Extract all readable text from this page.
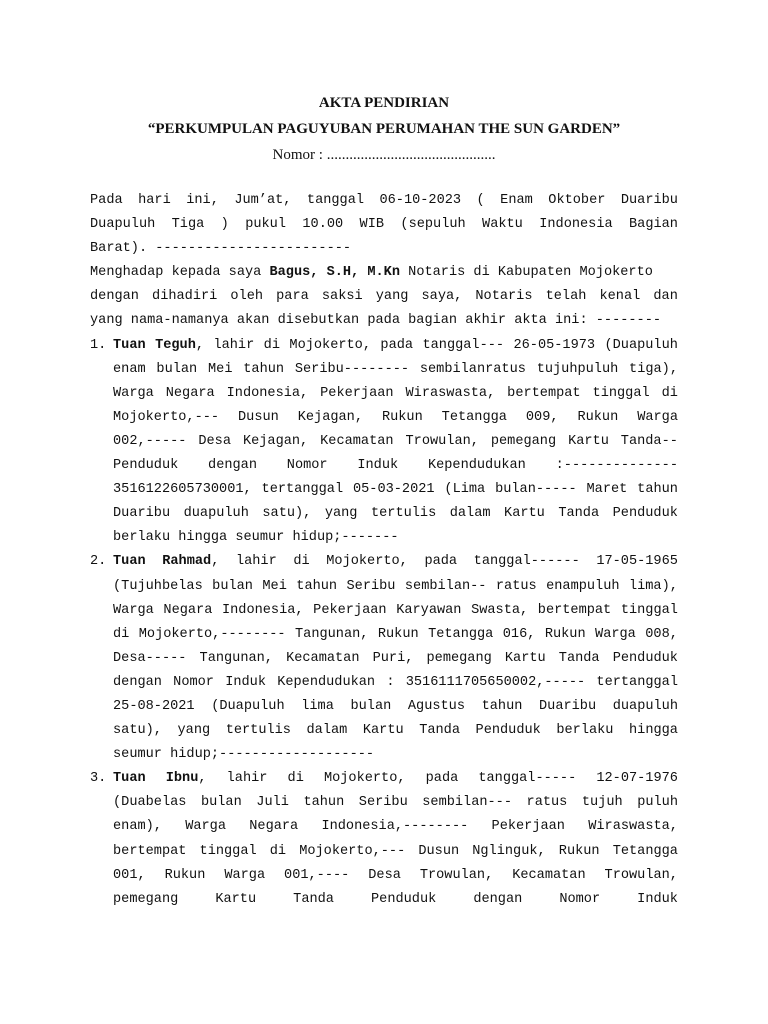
AKTA PENDIRIAN

“PERKUMPULAN PAGUYUBAN PERUMAHAN THE SUN GARDEN”

Nomor : .............................................

Pada hari ini, Jum’at, tanggal 06-10-2023 ( Enam Oktober Duaribu
Duapuluh Tiga ) pukul 10.00 WIB (sepuluh Waktu Indonesia Bagian
Barat). ------------------------
Menghadap kepada saya Bagus, S.H, M.Kn Notaris di Kabupaten Mojokerto
dengan dihadiri oleh para saksi yang saya, Notaris telah kenal dan
yang nama-namanya akan disebutkan pada bagian akhir akta ini: --------
1. Tuan Teguh, lahir di Mojokerto, pada tanggal--- 26-05-1973 (Duapuluh
enam bulan Mei tahun Seribu-------- sembilanratus tujuhpuluh tiga),
Warga Negara Indonesia, Pekerjaan Wiraswasta, bertempat tinggal di
Mojokerto,--- Dusun Kejagan, Rukun Tetangga 009, Rukun Warga
002,----- Desa Kejagan, Kecamatan Trowulan, pemegang Kartu Tanda--
Penduduk dengan Nomor Induk Kependudukan :--------------
3516122605730001, tertanggal 05-03-2021 (Lima bulan----- Maret tahun
Duaribu duapuluh satu), yang tertulis dalam Kartu Tanda Penduduk
berlaku hingga seumur hidup;-------
2. Tuan Rahmad, lahir di Mojokerto, pada tanggal------ 17-05-1965
(Tujuhbelas bulan Mei tahun Seribu sembilan-- ratus enampuluh lima),
Warga Negara Indonesia, Pekerjaan Karyawan Swasta, bertempat tinggal
di Mojokerto,-------- Tangunan, Rukun Tetangga 016, Rukun Warga 008,
Desa----- Tangunan, Kecamatan Puri, pemegang Kartu Tanda Penduduk
dengan Nomor Induk Kependudukan : 3516111705650002,----- tertanggal
25-08-2021 (Duapuluh lima bulan Agustus tahun Duaribu duapuluh
satu), yang tertulis dalam Kartu Tanda Penduduk berlaku hingga
seumur hidup;-------------------
3. Tuan Ibnu, lahir di Mojokerto, pada tanggal----- 12-07-1976
(Duabelas bulan Juli tahun Seribu sembilan--- ratus tujuh puluh
enam), Warga Negara Indonesia,-------- Pekerjaan Wiraswasta,
bertempat tinggal di Mojokerto,--- Dusun Nglinguk, Rukun Tetangga
001, Rukun Warga 001,---- Desa Trowulan, Kecamatan Trowulan,
pemegang	Kartu	Tanda	Penduduk	dengan	Nomor	Induk
